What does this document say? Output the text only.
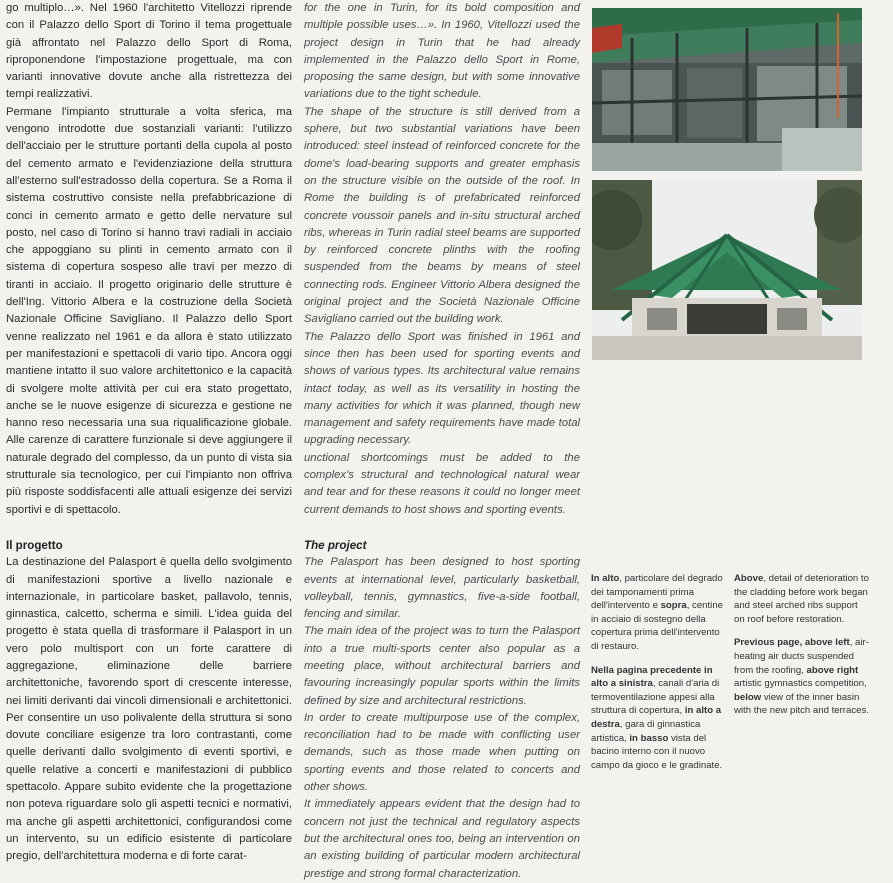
go multiplo…». Nel 1960 l'architetto Vitellozzi riprende con il Palazzo dello Sport di Torino il tema progettuale già affrontato nel Palazzo dello Sport di Roma, riproponendone l'impostazione progettuale, ma con varianti innovative dovute anche alla ristrettezza dei tempi realizzativi.

Permane l'impianto strutturale a volta sferica, ma vengono introdotte due sostanziali varianti: l'utilizzo dell'acciaio per le strutture portanti della cupola al posto del cemento armato e l'evidenziazione della struttura all'esterno sull'estradosso della copertura. Se a Roma il sistema costruttivo consiste nella prefabbricazione di conci in cemento armato e getto delle nervature sul posto, nel caso di Torino si hanno travi radiali in acciaio che appoggiano su plinti in cemento armato con il sistema di copertura sospeso alle travi per mezzo di tiranti in acciaio. Il progetto originario delle strutture è dell'Ing. Vittorio Albera e la costruzione della Società Nazionale Officine Savigliano. Il Palazzo dello Sport venne realizzato nel 1961 e da allora è stato utilizzato per manifestazioni e spettacoli di vario tipo. Ancora oggi mantiene intatto il suo valore architettonico e la capacità di svolgere molte attività per cui era stato progettato, anche se le nuove esigenze di sicurezza e gestione ne hanno reso necessaria una sua riqualificazione globale. Alle carenze di carattere funzionale si deve aggiungere il naturale degrado del complesso, da un punto di vista sia strutturale sia tecnologico, per cui l'impianto non offriva più risposte soddisfacenti alle attuali esigenze dei servizi sportivi e di spettacolo.

Il progetto

La destinazione del Palasport è quella dello svolgimento di manifestazioni sportive a livello nazionale e internazionale, in particolare basket, pallavolo, tennis, ginnastica, calcetto, scherma e simili. L'idea guida del progetto è stata quella di trasformare il Palasport in un vero polo multisport con un forte carattere di aggregazione, eliminazione delle barriere architettoniche, favorendo sport di crescente interesse, nei limiti derivanti dai vincoli dimensionali e architettonici. Per consentire un uso polivalente della struttura si sono dovute conciliare esigenze tra loro contrastanti, come quelle derivanti dallo svolgimento di eventi sportivi, e quelle relative a concerti e manifestazioni di pubblico spettacolo. Appare subito evidente che la progettazione non poteva riguardare solo gli aspetti tecnici e normativi, ma anche gli aspetti architettonici, configurandosi come un intervento, su un edificio esistente di particolare pregio, dell'architettura moderna e di forte carat-

for the one in Turin, for its bold composition and multiple possible uses…». In 1960, Vitellozzi used the project design in Turin that he had already implemented in the Palazzo dello Sport in Rome, proposing the same design, but with some innovative variations due to the tight schedule.

The shape of the structure is still derived from a sphere, but two substantial variations have been introduced: steel instead of reinforced concrete for the dome's load-bearing supports and greater emphasis on the structure visible on the outside of the roof. In Rome the building is of prefabricated reinforced concrete voussoir panels and in-situ structural arched ribs, whereas in Turin radial steel beams are supported by reinforced concrete plinths with the roofing suspended from the beams by means of steel connecting rods. Engineer Vittorio Albera designed the original project and the Società Nazionale Officine Savigliano carried out the building work.

The Palazzo dello Sport was finished in 1961 and since then has been used for sporting events and shows of various types. Its architectural value remains intact today, as well as its versatility in hosting the many activities for which it was planned, though new management and safety requirements have made total upgrading necessary.

unctional shortcomings must be added to the complex's structural and technological natural wear and tear and for these reasons it could no longer meet current demands to host shows and sporting events.

The project

The Palasport has been designed to host sporting events at international level, particularly basketball, volleyball, tennis, gymnastics, five-a-side football, fencing and similar.

The main idea of the project was to turn the Palasport into a true multi-sports center also popular as a meeting place, without architectural barriers and favouring increasingly popular sports within the limits defined by size and architectural restrictions.

In order to create multipurpose use of the complex, reconciliation had to be made with conflicting user demands, such as those made when putting on sporting events and those related to concerts and other shows.

It immediately appears evident that the design had to concern not just the technical and regulatory aspects but the architectural ones too, being an intervention on an existing building of particular modern architectural prestige and strong formal characterization.

In alto, particolare del degrado dei tamponamenti prima dell'intervento e sopra, centine in acciaio di sostegno della copertura prima dell'intervento di restauro.

Nella pagina precedente in alto a sinistra, canali d'aria di termoventilazione appesi alla struttura di copertura, in alto a destra, gara di ginnastica artistica, in basso vista del bacino interno con il nuovo campo da gioco e le gradinate.

Above, detail of deterioration to the cladding before work began and steel arched ribs support on roof before restoration.

Previous page, above left, air-heating air ducts suspended from the roofing, above right artistic gymnastics competition, below view of the inner basin with the new pitch and terraces.
